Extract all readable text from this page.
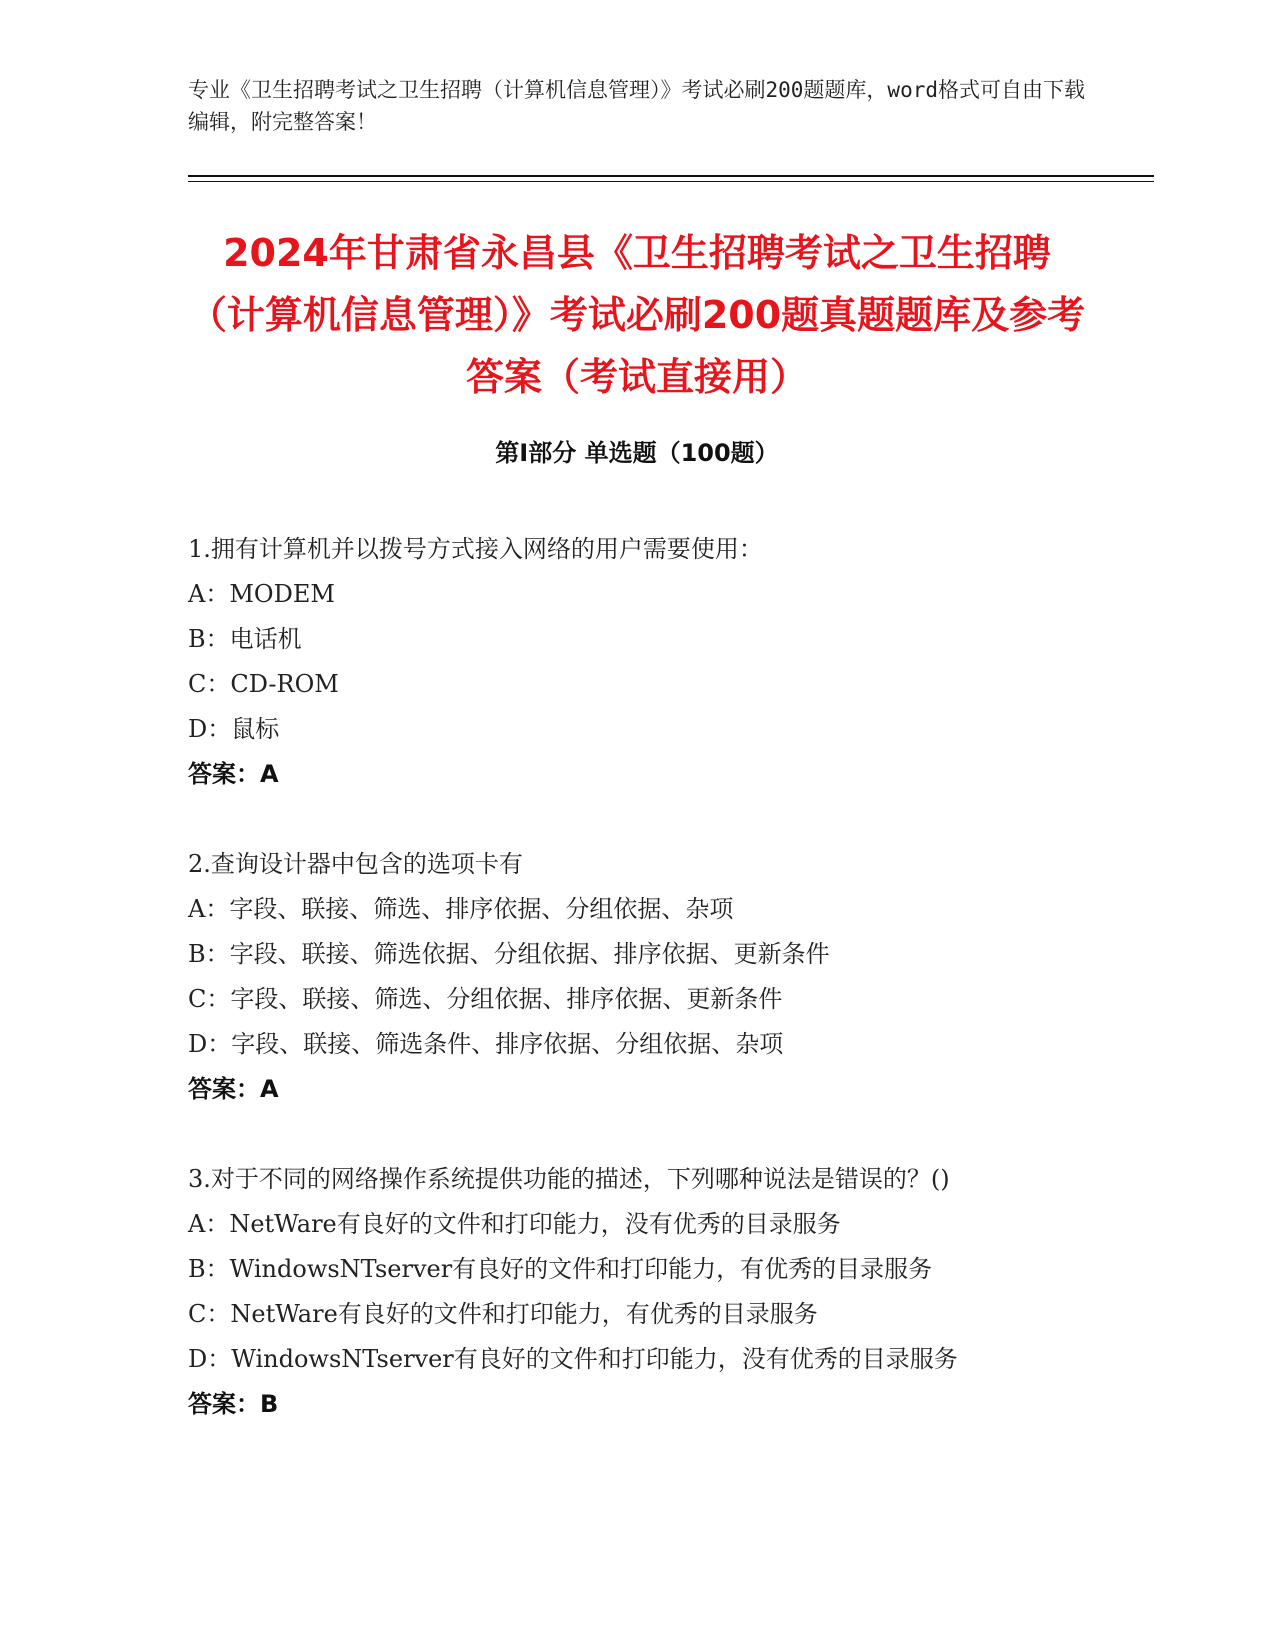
专业《卫生招聘考试之卫生招聘（计算机信息管理）》考试必刷200题题库，word格式可自由下载编辑，附完整答案！
2024年甘肃省永昌县《卫生招聘考试之卫生招聘（计算机信息管理）》考试必刷200题真题题库及参考答案（考试直接用）
第Ⅰ部分 单选题（100题）

1.拥有计算机并以拨号方式接入网络的用户需要使用：

A：MODEM

B：电话机

C：CD-ROM

D：鼠标

答案：A

2.查询设计器中包含的选项卡有

A：字段、联接、筛选、排序依据、分组依据、杂项

B：字段、联接、筛选依据、分组依据、排序依据、更新条件

C：字段、联接、筛选、分组依据、排序依据、更新条件

D：字段、联接、筛选条件、排序依据、分组依据、杂项

答案：A

3.对于不同的网络操作系统提供功能的描述，下列哪种说法是错误的？()

A：NetWare有良好的文件和打印能力，没有优秀的目录服务

B：WindowsNTserver有良好的文件和打印能力，有优秀的目录服务

C：NetWare有良好的文件和打印能力，有优秀的目录服务

D：WindowsNTserver有良好的文件和打印能力，没有优秀的目录服务

答案：B
